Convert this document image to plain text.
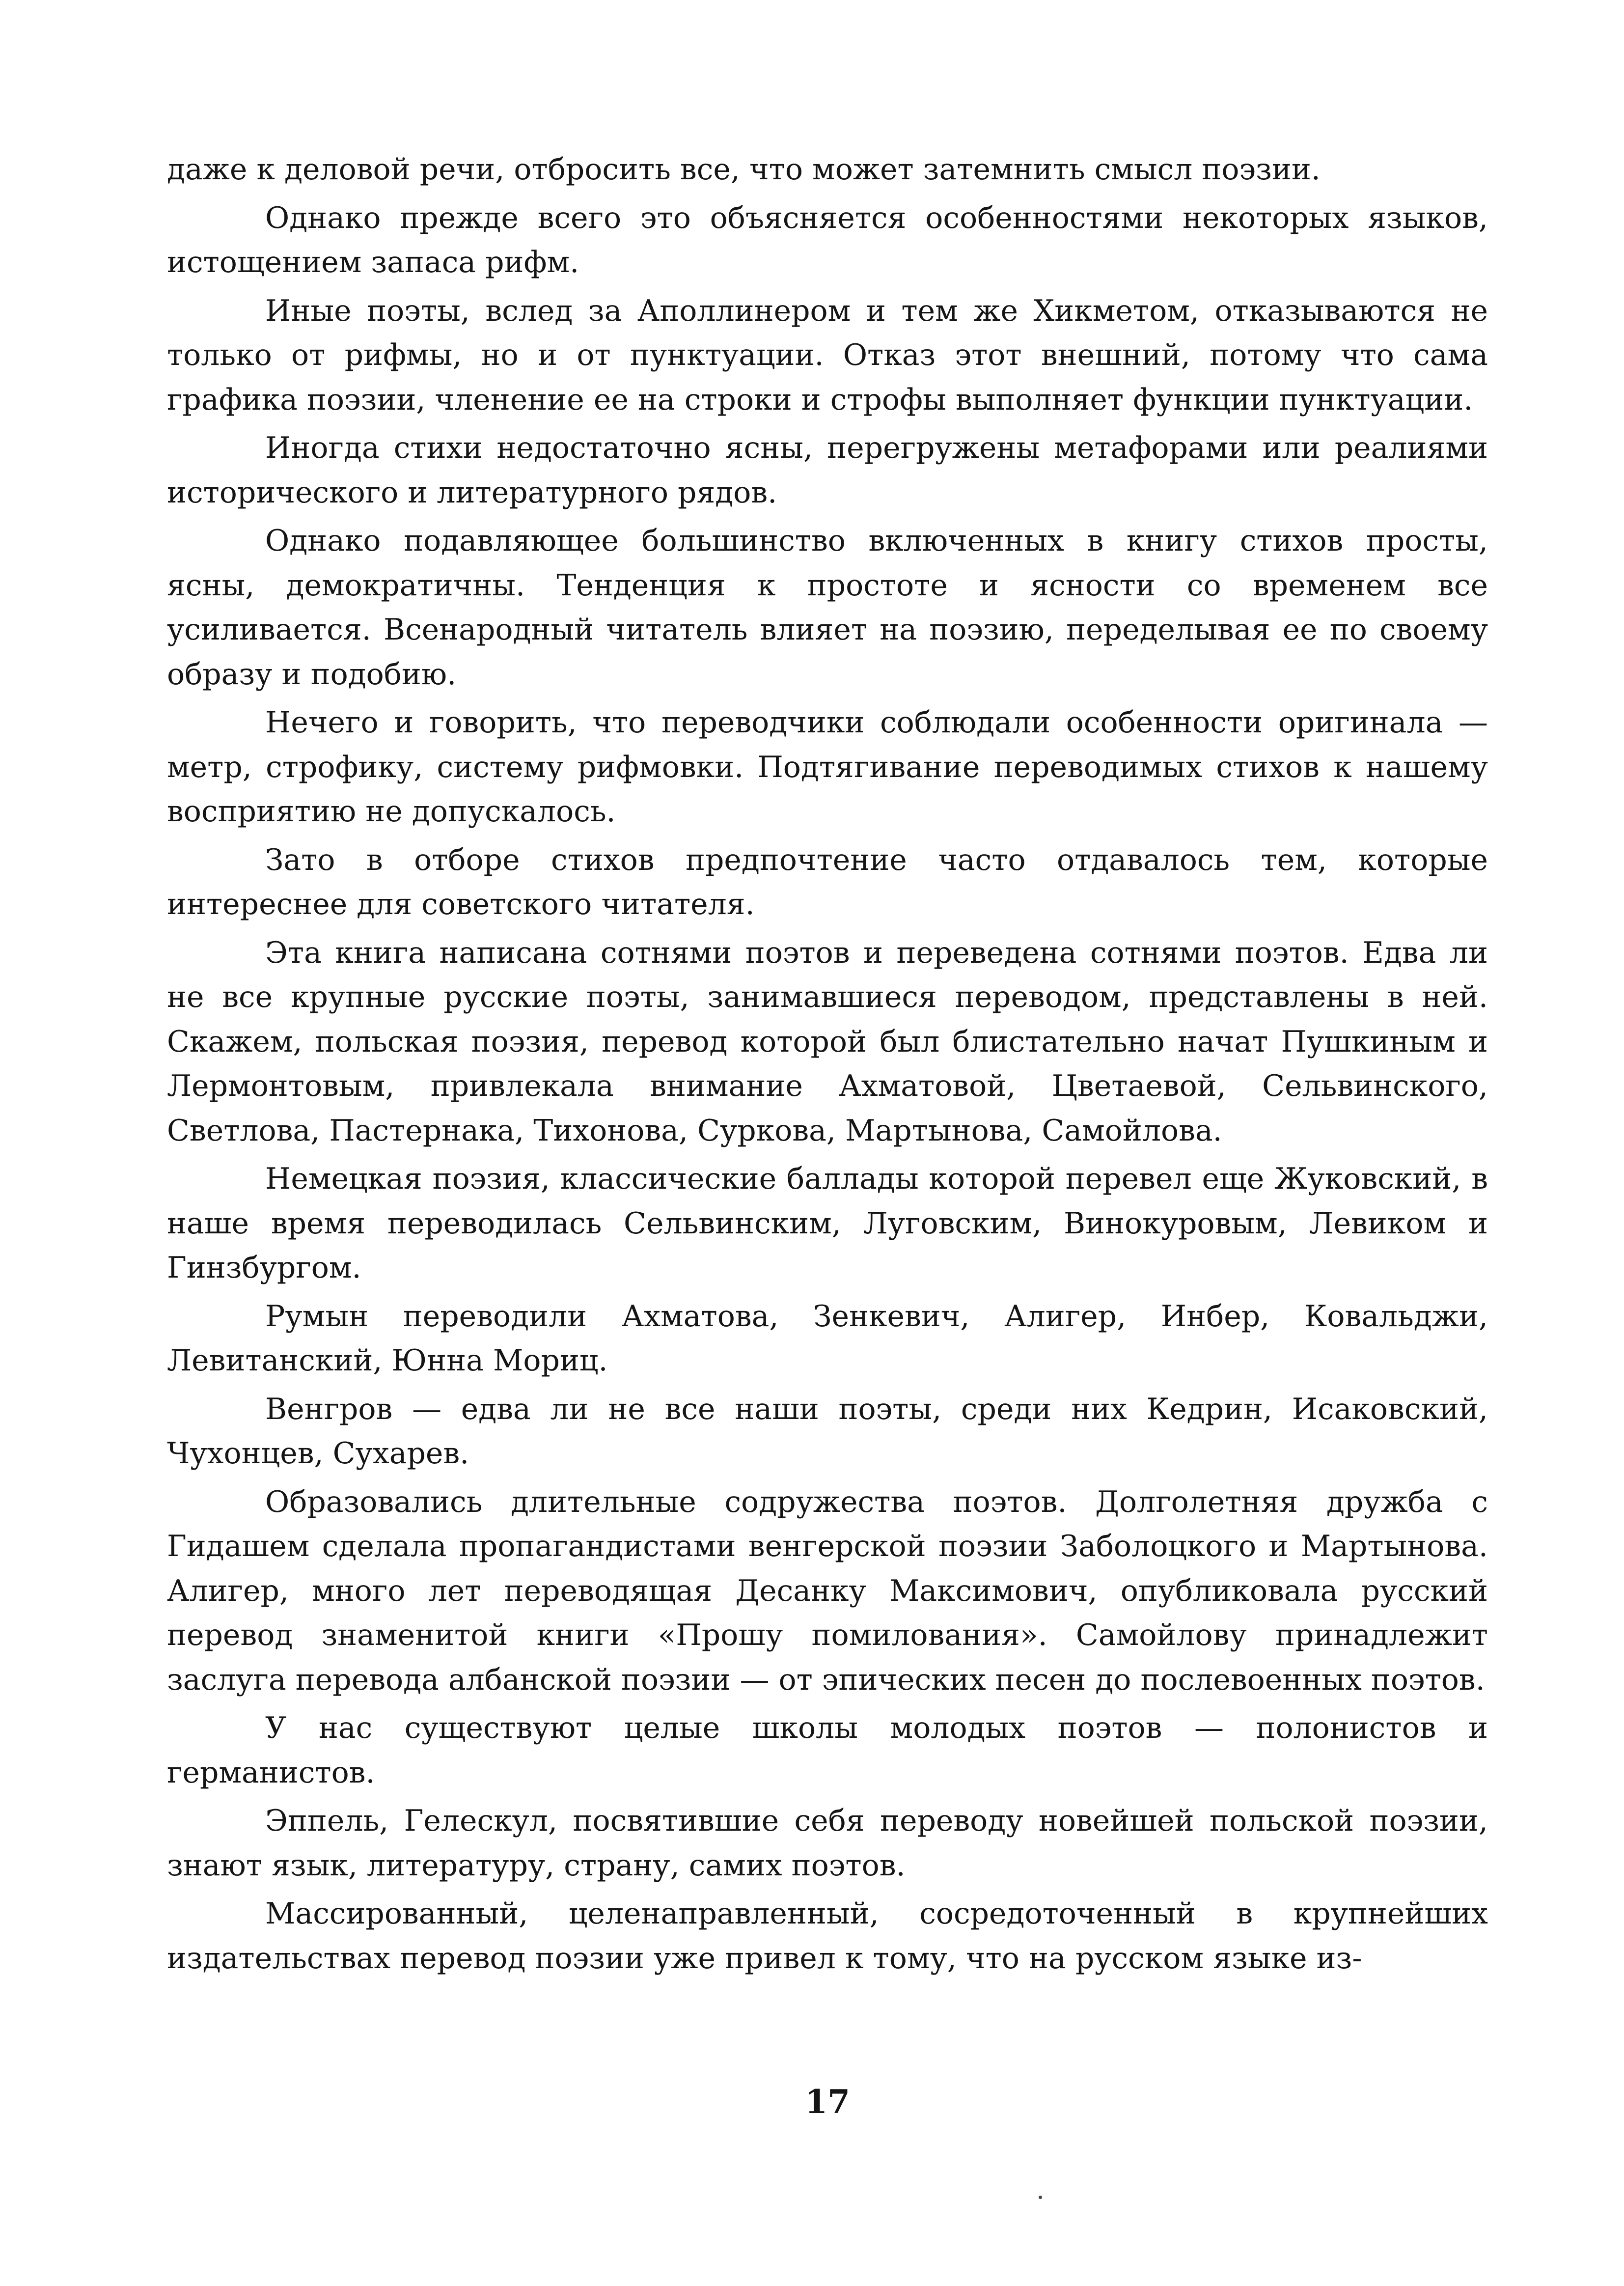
даже к деловой речи, отбросить все, что может затемнить смысл поэзии.

Однако прежде всего это объясняется особенностями некоторых языков, истощением запаса рифм.

Иные поэты, вслед за Аполлинером и тем же Хикметом, отказываются не только от рифмы, но и от пунктуации. Отказ этот внешний, потому что сама графика поэзии, членение ее на строки и строфы выполняет функции пунктуации.

Иногда стихи недостаточно ясны, перегружены метафорами или реалиями исторического и литературного рядов.

Однако подавляющее большинство включенных в книгу стихов просты, ясны, демократичны. Тенденция к простоте и ясности со временем все усиливается. Всенародный читатель влияет на поэзию, переделывая ее по своему образу и подобию.

Нечего и говорить, что переводчики соблюдали особенности оригинала — метр, строфику, систему рифмовки. Подтягивание переводимых стихов к нашему восприятию не допускалось.

Зато в отборе стихов предпочтение часто отдавалось тем, которые интереснее для советского читателя.

Эта книга написана сотнями поэтов и переведена сотнями поэтов. Едва ли не все крупные русские поэты, занимавшиеся переводом, представлены в ней. Скажем, польская поэзия, перевод которой был блистательно начат Пушкиным и Лермонтовым, привлекала внимание Ахматовой, Цветаевой, Сельвинского, Светлова, Пастернака, Тихонова, Суркова, Мартынова, Самойлова.

Немецкая поэзия, классические баллады которой перевел еще Жуковский, в наше время переводилась Сельвинским, Луговским, Винокуровым, Левиком и Гинзбургом.

Румын переводили Ахматова, Зенкевич, Алигер, Инбер, Ковальджи, Левитанский, Юнна Мориц.

Венгров — едва ли не все наши поэты, среди них Кедрин, Исаковский, Чухонцев, Сухарев.

Образовались длительные содружества поэтов. Долголетняя дружба с Гидашем сделала пропагандистами венгерской поэзии Заболоцкого и Мартынова. Алигер, много лет переводящая Десанку Максимович, опубликовала русский перевод знаменитой книги «Прошу помилования». Самойлову принадлежит заслуга перевода албанской поэзии — от эпических песен до послевоенных поэтов.

У нас существуют целые школы молодых поэтов — полонистов и германистов.

Эппель, Гелескул, посвятившие себя переводу новейшей польской поэзии, знают язык, литературу, страну, самих поэтов.

Массированный, целенаправленный, сосредоточенный в крупнейших издательствах перевод поэзии уже привел к тому, что на русском языке из-

17
